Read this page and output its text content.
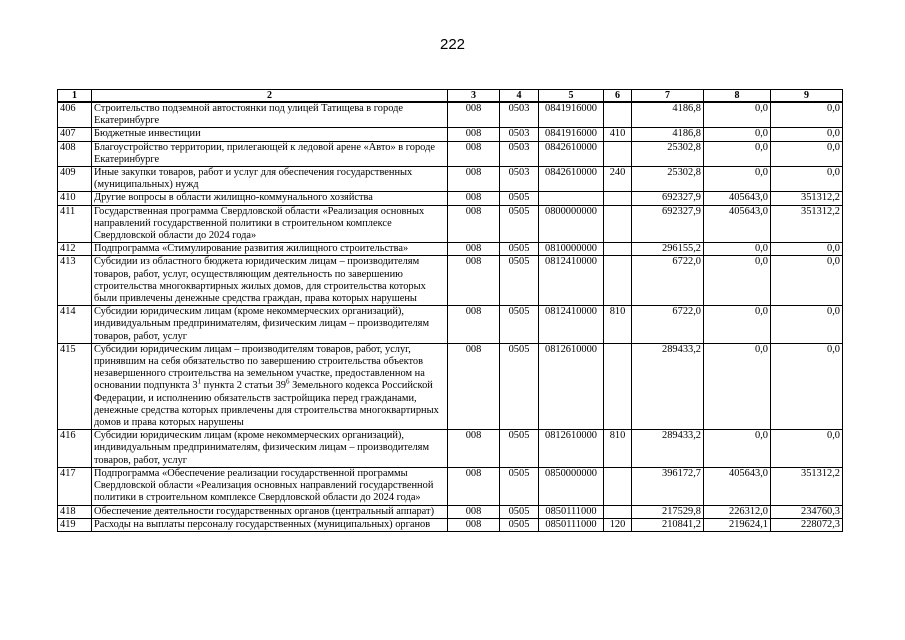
222
1	2	3	4	5	6	7	8	9
406	Строительство подземной автостоянки под улицей Татищева в городе Екатеринбурге	008	0503	0841916000		4186,8	0,0	0,0
407	Бюджетные инвестиции	008	0503	0841916000	410	4186,8	0,0	0,0
408	Благоустройство территории, прилегающей к ледовой арене «Авто» в городе Екатеринбурге	008	0503	0842610000		25302,8	0,0	0,0
409	Иные закупки товаров, работ и услуг для обеспечения государственных (муниципальных) нужд	008	0503	0842610000	240	25302,8	0,0	0,0
410	Другие вопросы в области жилищно-коммунального хозяйства	008	0505			692327,9	405643,0	351312,2
411	Государственная программа Свердловской области «Реализация основных направлений государственной политики в строительном комплексе Свердловской области до 2024 года»	008	0505	0800000000		692327,9	405643,0	351312,2
412	Подпрограмма «Стимулирование развития жилищного строительства»	008	0505	0810000000		296155,2	0,0	0,0
413	Субсидии из областного бюджета юридическим лицам – производителям товаров, работ, услуг, осуществляющим деятельность по завершению строительства многоквартирных жилых домов, для строительства которых были привлечены денежные средства граждан, права которых нарушены	008	0505	0812410000		6722,0	0,0	0,0
414	Субсидии юридическим лицам (кроме некоммерческих организаций), индивидуальным предпринимателям, физическим лицам – производителям товаров, работ, услуг	008	0505	0812410000	810	6722,0	0,0	0,0
415	Субсидии юридическим лицам – производителям товаров, работ, услуг, принявшим на себя обязательство по завершению строительства объектов незавершенного строительства на земельном участке, предоставленном на основании подпункта $3^1$ пункта 2 статьи $39^6$ Земельного кодекса Российской Федерации, и исполнению обязательств застройщика перед гражданами, денежные средства которых привлечены для строительства многоквартирных домов и права которых нарушены	008	0505	0812610000		289433,2	0,0	0,0
416	Субсидии юридическим лицам (кроме некоммерческих организаций), индивидуальным предпринимателям, физическим лицам – производителям товаров, работ, услуг	008	0505	0812610000	810	289433,2	0,0	0,0
417	Подпрограмма «Обеспечение реализации государственной программы Свердловской области «Реализация основных направлений государственной политики в строительном комплексе Свердловской области до 2024 года»	008	0505	0850000000		396172,7	405643,0	351312,2
418	Обеспечение деятельности государственных органов (центральный аппарат)	008	0505	0850111000		217529,8	226312,0	234760,3
419	Расходы на выплаты персоналу государственных (муниципальных) органов	008	0505	0850111000	120	210841,2	219624,1	228072,3
